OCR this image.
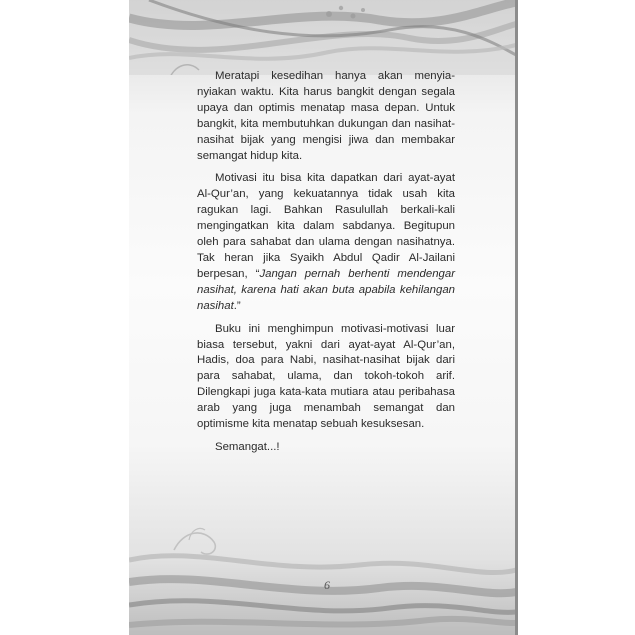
Meratapi kesedihan hanya akan menyia-nyiakan waktu. Kita harus bangkit dengan segala upaya dan optimis menatap masa depan. Untuk bangkit, kita membutuhkan dukungan dan nasihat-nasihat bijak yang mengisi jiwa dan membakar semangat hidup kita.

Motivasi itu bisa kita dapatkan dari ayat-ayat Al-Qur’an, yang kekuatannya tidak usah kita ragukan lagi. Bahkan Rasulullah berkali-kali mengingatkan kita dalam sabdanya. Begitupun oleh para sahabat dan ulama dengan nasihatnya. Tak heran jika Syaikh Abdul Qadir Al-Jailani berpesan, “Jangan pernah berhenti mendengar nasihat, karena hati akan buta apabila kehilangan nasihat.”

Buku ini menghimpun motivasi-motivasi luar biasa tersebut, yakni dari ayat-ayat Al-Qur’an, Hadis, doa para Nabi, nasihat-nasihat bijak dari para sahabat, ulama, dan tokoh-tokoh arif. Dilengkapi juga kata-kata mutiara atau peribahasa arab yang juga menambah semangat dan optimisme kita menatap sebuah kesuksesan.

Semangat...!

6
